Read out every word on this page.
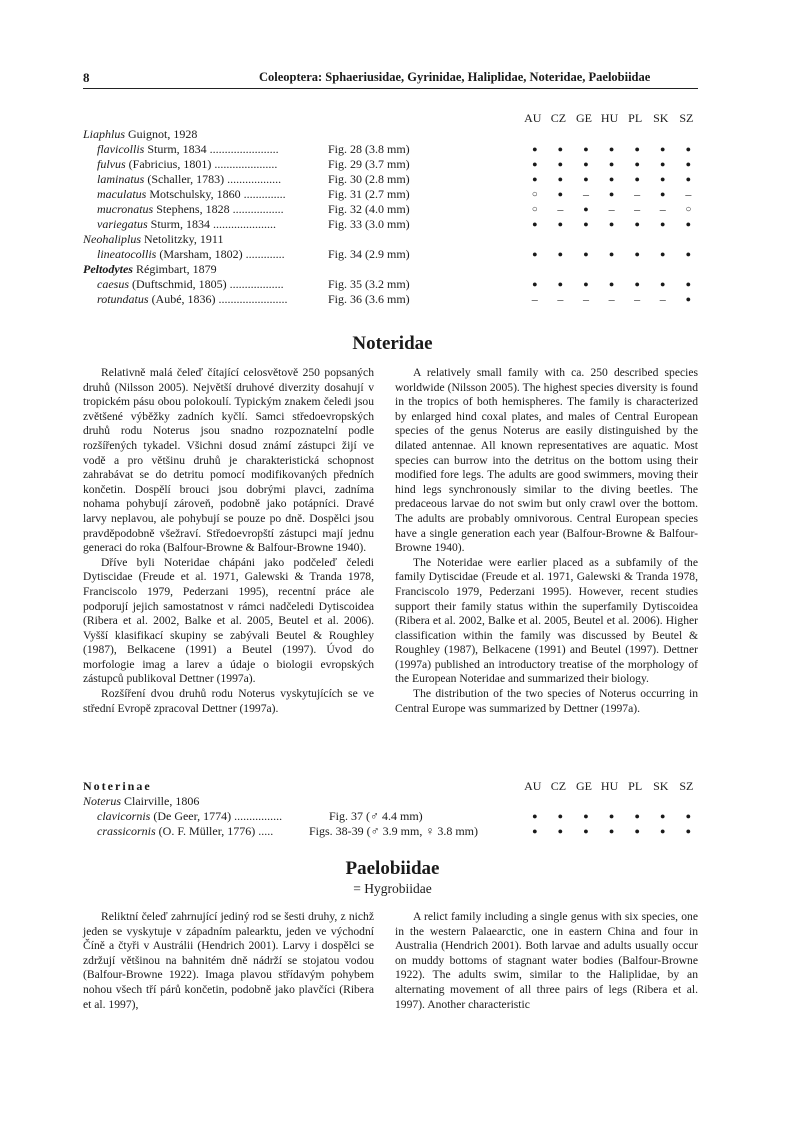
8	Coleoptera: Sphaeriusidae, Gyrinidae, Haliplidae, Noteridae, Paelobiidae
AU CZ GE HU PL SK SZ
Liaphlus Guignot, 1928
flavicollis Sturm, 1834 .......................	Fig. 28 (3.8 mm)	●	●	●	●	●	●	●
fulvus (Fabricius, 1801) .....................	Fig. 29 (3.7 mm)	●	●	●	●	●	●	●
laminatus (Schaller, 1783) ..................	Fig. 30 (2.8 mm)	●	●	●	●	●	●	●
maculatus Motschulsky, 1860 ..............	Fig. 31 (2.7 mm)	○	●	–	●	–	●	–
mucronatus Stephens, 1828 .................	Fig. 32 (4.0 mm)	○	–	●	–	–	–	○
variegatus Sturm, 1834 .....................	Fig. 33 (3.0 mm)	●	●	●	●	●	●	●
Neohaliplus Netolitzky, 1911
lineatocollis (Marsham, 1802) .............	Fig. 34 (2.9 mm)	●	●	●	●	●	●	●
Peltodytes Régimbart, 1879
caesus (Duftschmid, 1805) ..................	Fig. 35 (3.2 mm)	●	●	●	●	●	●	●
rotundatus (Aubé, 1836) .......................	Fig. 36 (3.6 mm)	–	–	–	–	–	–	●
Noteridae

Relativně malá čeleď čítající celosvětově 250 popsaných druhů (Nilsson 2005). Největší druhové diverzity dosahují v tropickém pásu obou polokoulí. Typickým znakem čeledi jsou zvětšené výběžky zadních kyčlí. Samci středoevropských druhů rodu Noterus jsou snadno rozpoznatelní podle rozšířených tykadel. Všichni dosud známí zástupci žijí ve vodě a pro většinu druhů je charakteristická schopnost zahrabávat se do detritu pomocí modifikovaných předních končetin. Dospělí brouci jsou dobrými plavci, zadníma nohama pohybují zároveň, podobně jako potápníci. Dravé larvy neplavou, ale pohybují se pouze po dně. Dospělci jsou pravděpodobně všežraví. Středoevropští zástupci mají jednu generaci do roka (Balfour-Browne & Balfour-Browne 1940).

Dříve byli Noteridae chápáni jako podčeleď čeledi Dytiscidae (Freude et al. 1971, Galewski & Tranda 1978, Franciscolo 1979, Pederzani 1995), recentní práce ale podporují jejich samostatnost v rámci nadčeledi Dytiscoidea (Ribera et al. 2002, Balke et al. 2005, Beutel et al. 2006). Vyšší klasifikací skupiny se zabývali Beutel & Roughley (1987), Belkacene (1991) a Beutel (1997). Úvod do morfologie imag a larev a údaje o biologii evropských zástupců publikoval Dettner (1997a).

Rozšíření dvou druhů rodu Noterus vyskytujících se ve střední Evropě zpracoval Dettner (1997a).

A relatively small family with ca. 250 described species worldwide (Nilsson 2005). The highest species diversity is found in the tropics of both hemispheres. The family is characterized by enlarged hind coxal plates, and males of Central European species of the genus Noterus are easily distinguished by the dilated antennae. All known representatives are aquatic. Most species can burrow into the detritus on the bottom using their modified fore legs. The adults are good swimmers, moving their hind legs synchronously similar to the diving beetles. The predaceous larvae do not swim but only crawl over the bottom. The adults are probably omnivorous. Central European species have a single generation each year (Balfour-Browne & Balfour-Browne 1940).

The Noteridae were earlier placed as a subfamily of the family Dytiscidae (Freude et al. 1971, Galewski & Tranda 1978, Franciscolo 1979, Pederzani 1995). However, recent studies support their family status within the superfamily Dytiscoidea (Ribera et al. 2002, Balke et al. 2005, Beutel et al. 2006). Higher classification within the family was discussed by Beutel & Roughley (1987), Belkacene (1991) and Beutel (1997). Dettner (1997a) published an introductory treatise of the morphology of the European Noteridae and summarized their biology.

The distribution of the two species of Noterus occurring in Central Europe was summarized by Dettner (1997a).

Noterinae	AU CZ GE HU PL SK SZ
Noterus Clairville, 1806
clavicornis (De Geer, 1774) ................	Fig. 37 (♂ 4.4 mm)	●	●	●	●	●	●	●
crassicornis (O. F. Müller, 1776) .....	Figs. 38-39 (♂ 3.9 mm, ♀ 3.8 mm)	●	●	●	●	●	●	●
Paelobiidae
= Hygrobiidae

Reliktní čeleď zahrnující jediný rod se šesti druhy, z nichž jeden se vyskytuje v západním palearktu, jeden ve východní Číně a čtyři v Austrálii (Hendrich 2001). Larvy i dospělci se zdržují většinou na bahnitém dně nádrží se stojatou vodou (Balfour-Browne 1922). Imaga plavou střídavým pohybem nohou všech tří párů končetin, podobně jako plavčíci (Ribera et al. 1997),

A relict family including a single genus with six species, one in the western Palaearctic, one in eastern China and four in Australia (Hendrich 2001). Both larvae and adults usually occur on muddy bottoms of stagnant water bodies (Balfour-Browne 1922). The adults swim, similar to the Haliplidae, by an alternating movement of all three pairs of legs (Ribera et al. 1997). Another characteristic
